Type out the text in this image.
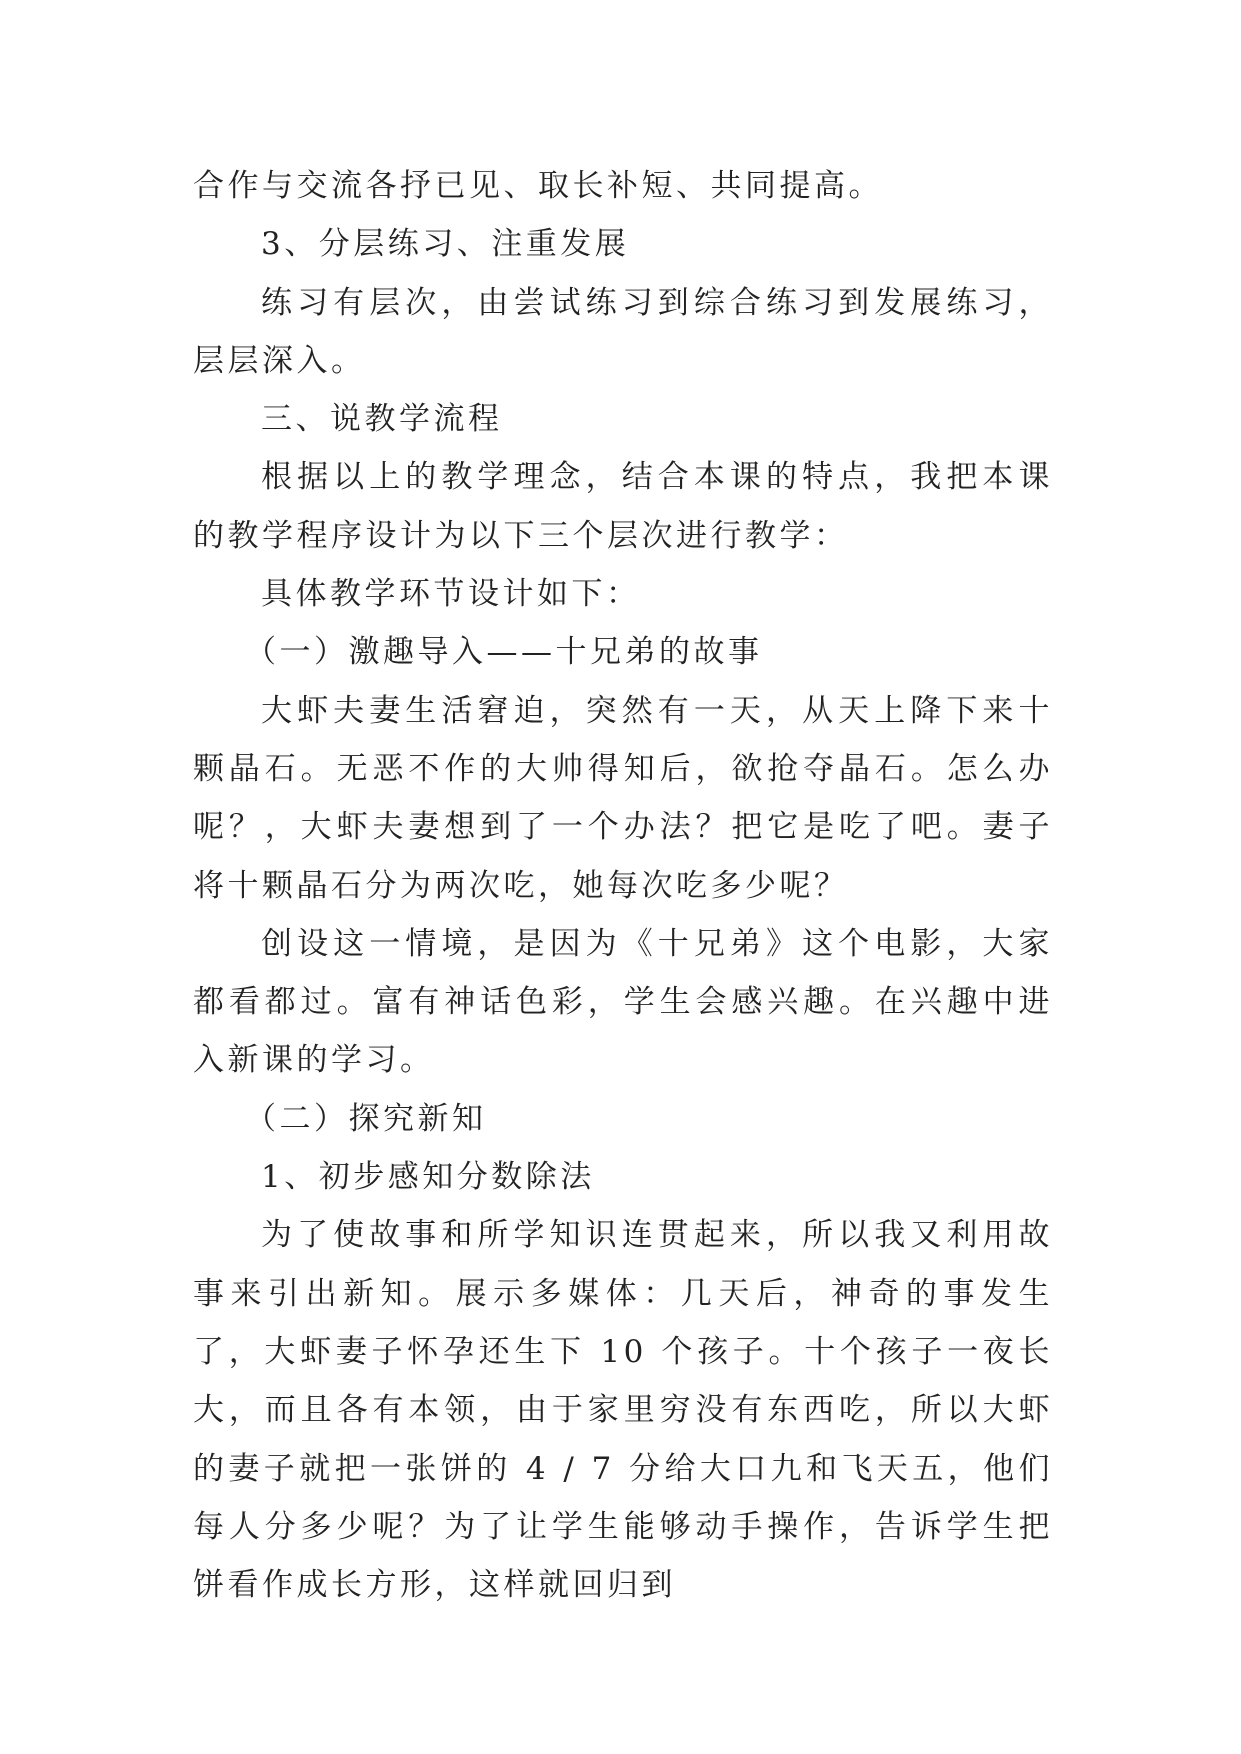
合作与交流各抒已见、取长补短、共同提高。

3、分层练习、注重发展

练习有层次，由尝试练习到综合练习到发展练习，层层深入。

三、说教学流程

根据以上的教学理念，结合本课的特点，我把本课的教学程序设计为以下三个层次进行教学：

具体教学环节设计如下：

（一）激趣导入——十兄弟的故事

大虾夫妻生活窘迫，突然有一天，从天上降下来十颗晶石。无恶不作的大帅得知后，欲抢夺晶石。怎么办呢？，大虾夫妻想到了一个办法？把它是吃了吧。妻子将十颗晶石分为两次吃，她每次吃多少呢？

创设这一情境，是因为《十兄弟》这个电影，大家都看都过。富有神话色彩，学生会感兴趣。在兴趣中进入新课的学习。

（二）探究新知

1、初步感知分数除法

为了使故事和所学知识连贯起来，所以我又利用故事来引出新知。展示多媒体：几天后，神奇的事发生了，大虾妻子怀孕还生下 10 个孩子。十个孩子一夜长大，而且各有本领，由于家里穷没有东西吃，所以大虾的妻子就把一张饼的 4 / 7 分给大口九和飞天五，他们每人分多少呢？为了让学生能够动手操作，告诉学生把饼看作成长方形，这样就回归到
